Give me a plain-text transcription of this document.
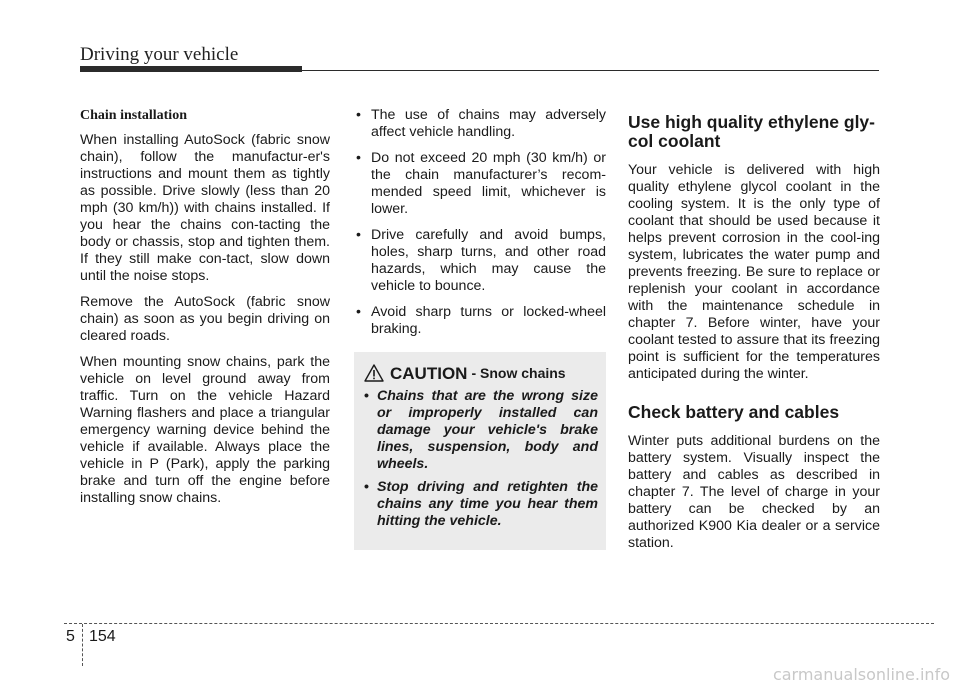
Driving your vehicle
Chain installation

When installing AutoSock (fabric snow chain), follow the manufactur-er's instructions and mount them as tightly as possible. Drive slowly (less than 20 mph (30 km/h)) with chains installed. If you hear the chains con-tacting the body or chassis, stop and tighten them. If they still make con-tact, slow down until the noise stops.

Remove the AutoSock (fabric snow chain) as soon as you begin driving on cleared roads.

When mounting snow chains, park the vehicle on level ground away from traffic. Turn on the vehicle Hazard Warning flashers and place a triangular emergency warning device behind the vehicle if available. Always place the vehicle in P (Park), apply the parking brake and turn off the engine before installing snow chains.

• The use of chains may adversely affect vehicle handling.
• Do not exceed 20 mph (30 km/h) or the chain manufacturer’s recom-mended speed limit, whichever is lower.
• Drive carefully and avoid bumps, holes, sharp turns, and other road hazards, which may cause the vehicle to bounce.
• Avoid sharp turns or locked-wheel braking.
CAUTION - Snow chains

• Chains that are the wrong size or improperly installed can damage your vehicle's brake lines, suspension, body and wheels.

• Stop driving and retighten the chains any time you hear them hitting the vehicle.

Use high quality ethylene gly-col coolant

Your vehicle is delivered with high quality ethylene glycol coolant in the cooling system. It is the only type of coolant that should be used because it helps prevent corrosion in the cool-ing system, lubricates the water pump and prevents freezing. Be sure to replace or replenish your coolant in accordance with the maintenance schedule in chapter 7. Before winter, have your coolant tested to assure that its freezing point is sufficient for the temperatures anticipated during the winter.

Check battery and cables

Winter puts additional burdens on the battery system. Visually inspect the battery and cables as described in chapter 7. The level of charge in your battery can be checked by an authorized K900 Kia dealer or a service station.

5 154
carmanualsonline.info
